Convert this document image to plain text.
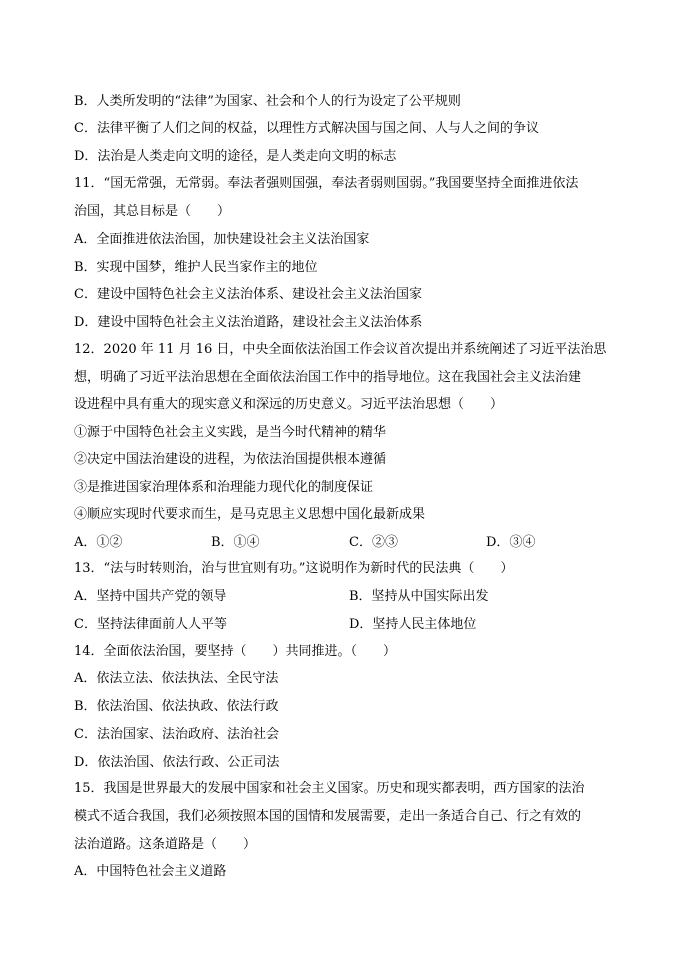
B．人类所发明的“法律”为国家、社会和个人的行为设定了公平规则
C．法律平衡了人们之间的权益，以理性方式解决国与国之间、人与人之间的争议
D．法治是人类走向文明的途径，是人类走向文明的标志
11．“国无常强，无常弱。奉法者强则国强，奉法者弱则国弱。”我国要坚持全面推进依法
治国，其总目标是（　　）
A．全面推进依法治国，加快建设社会主义法治国家
B．实现中国梦，维护人民当家作主的地位
C．建设中国特色社会主义法治体系、建设社会主义法治国家
D．建设中国特色社会主义法治道路，建设社会主义法治体系
12．2020 年 11 月 16 日，中央全面依法治国工作会议首次提出并系统阐述了习近平法治思
想，明确了习近平法治思想在全面依法治国工作中的指导地位。这在我国社会主义法治建
设进程中具有重大的现实意义和深远的历史意义。习近平法治思想（　　）
①源于中国特色社会主义实践，是当今时代精神的精华
②决定中国法治建设的进程，为依法治国提供根本遵循
③是推进国家治理体系和治理能力现代化的制度保证
④顺应实现时代要求而生，是马克思主义思想中国化最新成果
A．①②	B．①④	C．②③	D．③④
13．“法与时转则治，治与世宜则有功。”这说明作为新时代的民法典（　　）
A．坚持中国共产党的领导	B．坚持从中国实际出发
C．坚持法律面前人人平等	D．坚持人民主体地位
14．全面依法治国，要坚持（　　）共同推进。（　　）
A．依法立法、依法执法、全民守法
B．依法治国、依法执政、依法行政
C．法治国家、法治政府、法治社会
D．依法治国、依法行政、公正司法
15．我国是世界最大的发展中国家和社会主义国家。历史和现实都表明，西方国家的法治
模式不适合我国，我们必须按照本国的国情和发展需要，走出一条适合自己、行之有效的
法治道路。这条道路是（　　）
A．中国特色社会主义道路
